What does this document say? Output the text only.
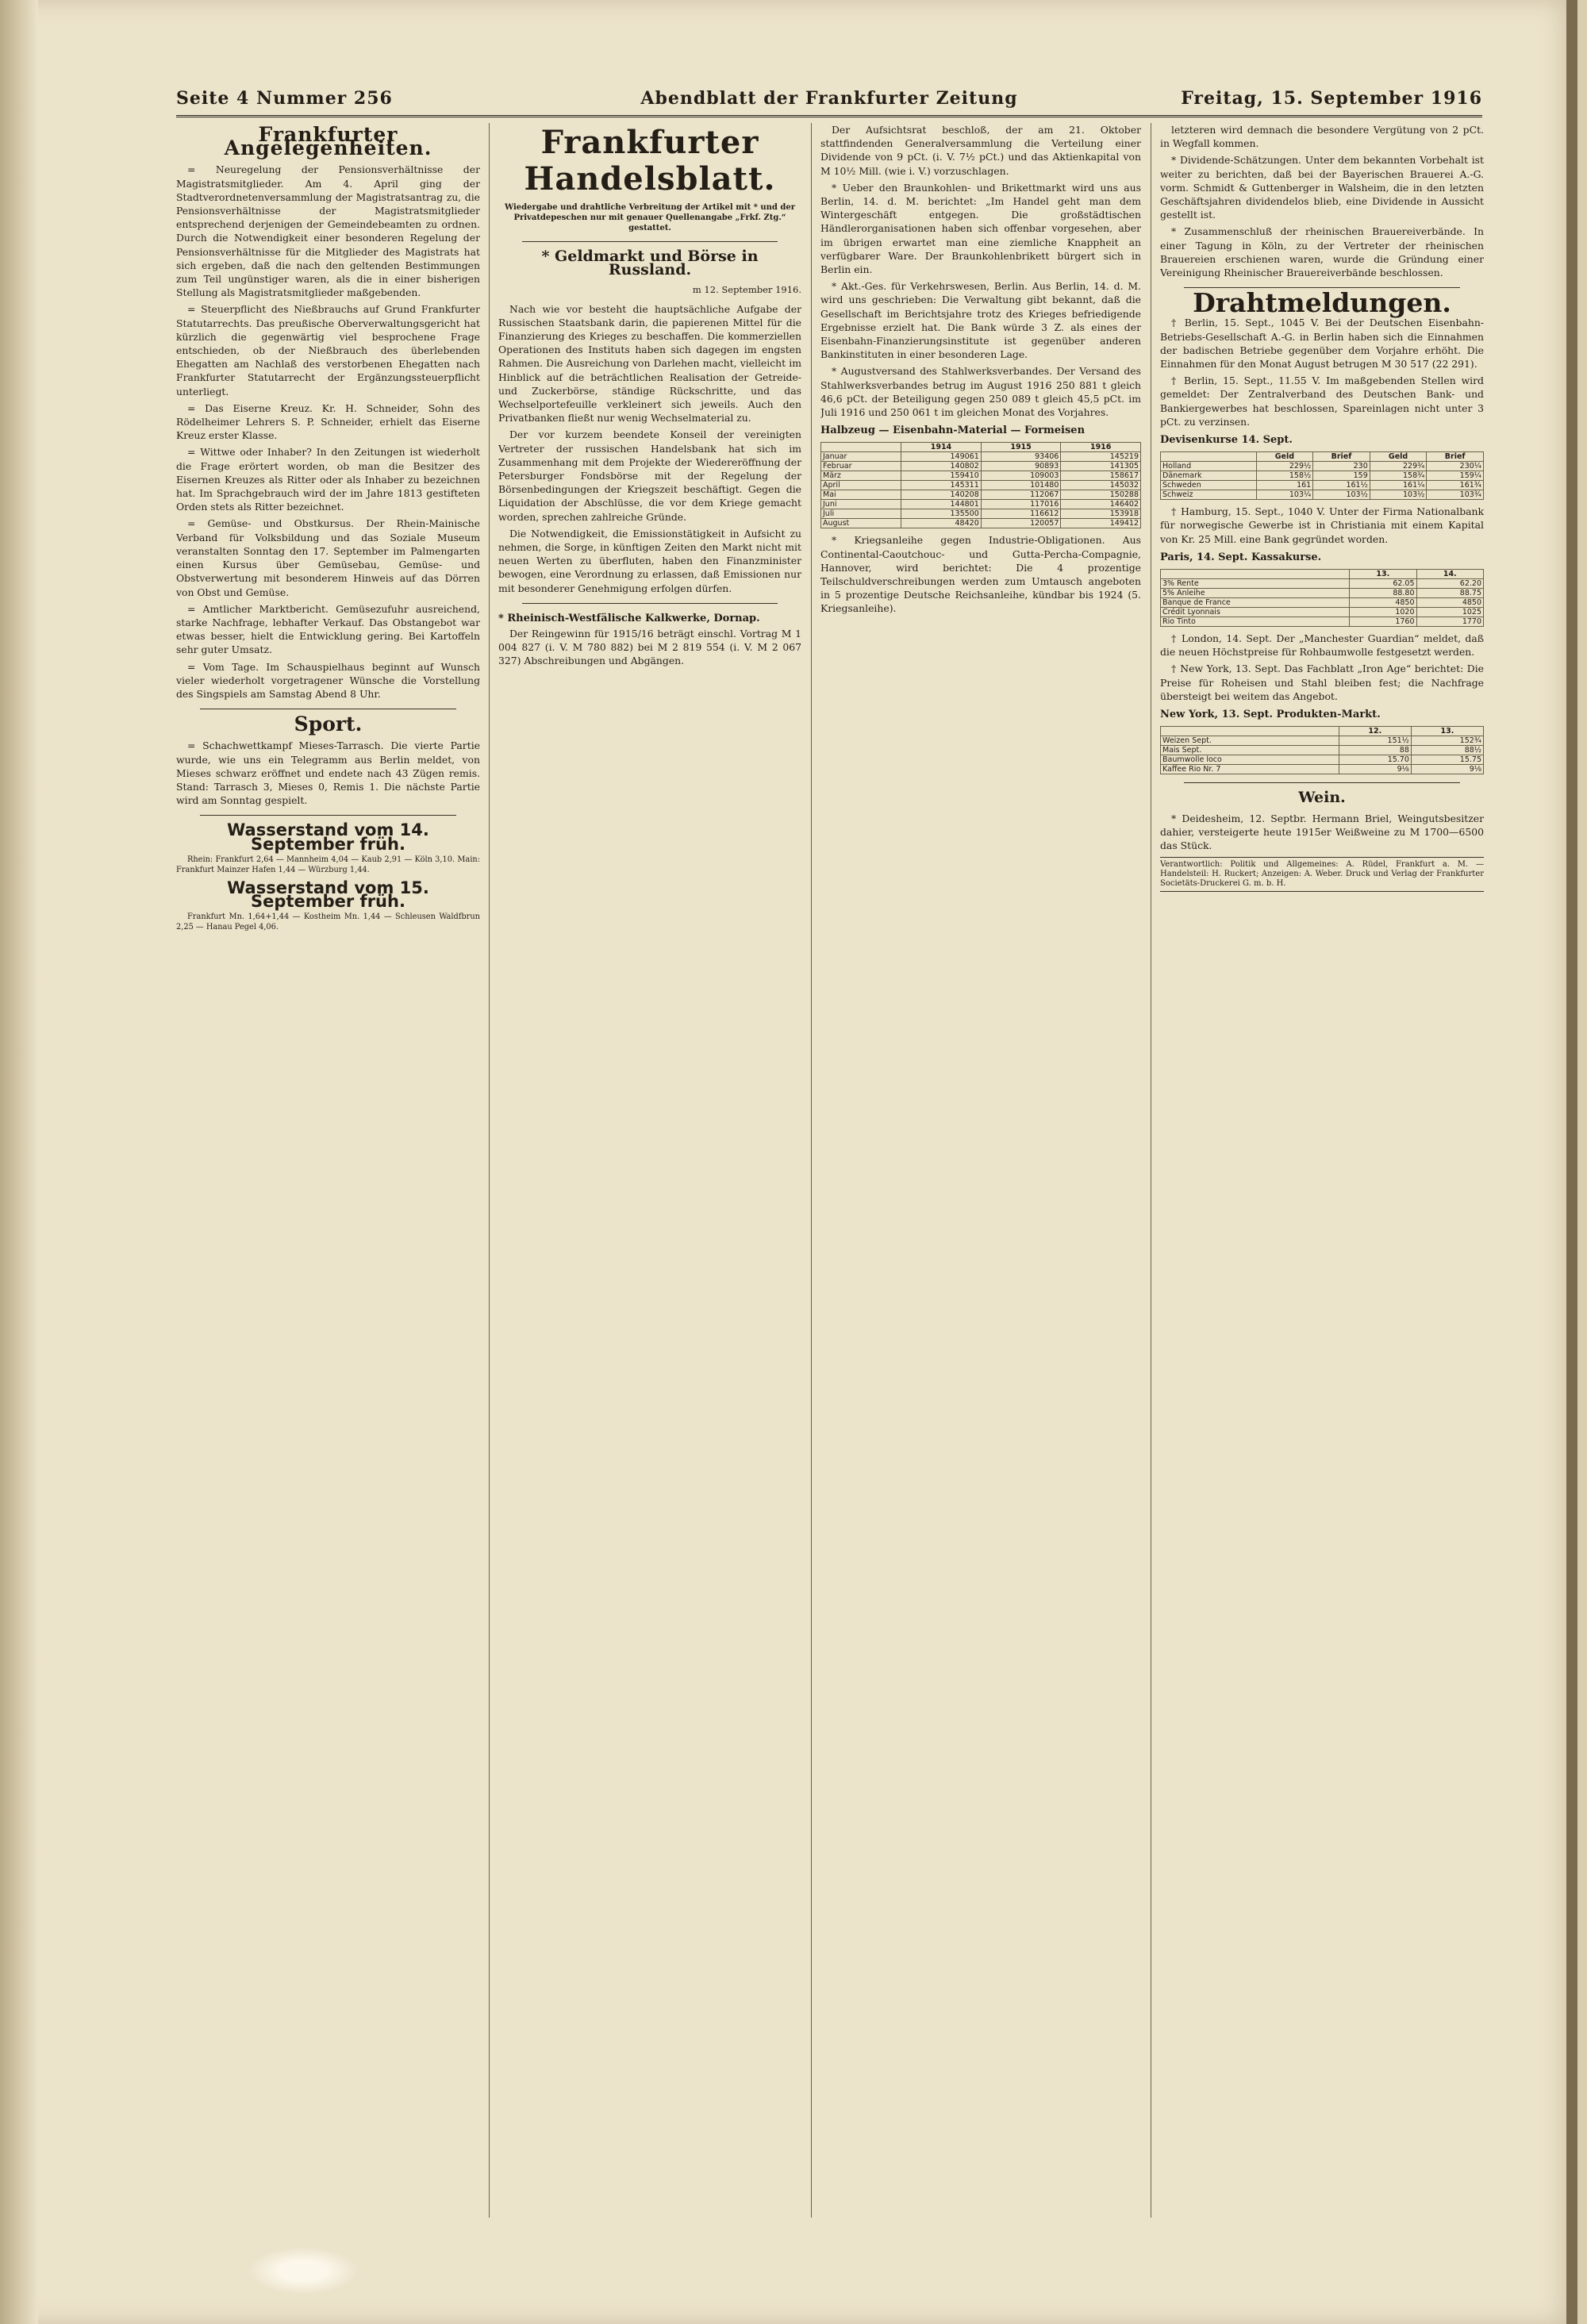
Seite 4 Nummer 256	Abendblatt der Frankfurter Zeitung	Freitag, 15. September 1916
Frankfurter Angelegenheiten.

= Neuregelung der Pensionsverhältnisse der Magistratsmitglieder. Am 4. April ging der Stadtverordnetenversammlung der Magistratsantrag zu, die Pensionsverhältnisse der Magistratsmitglieder entsprechend derjenigen der Gemeindebeamten zu ordnen. Durch die Notwendigkeit einer besonderen Regelung der Pensionsverhältnisse für die Mitglieder des Magistrats hat sich ergeben, daß die nach den geltenden Bestimmungen zum Teil ungünstiger waren, als die in einer bisherigen Stellung als Magistratsmitglieder maßgebenden.

= Steuerpflicht des Nießbrauchs auf Grund Frankfurter Statutarrechts. Das preußische Oberverwaltungsgericht hat kürzlich die gegenwärtig viel besprochene Frage entschieden, ob der Nießbrauch des überlebenden Ehegatten am Nachlaß des verstorbenen Ehegatten nach Frankfurter Statutarrecht der Ergänzungssteuerpflicht unterliegt.

= Das Eiserne Kreuz. Kr. H. Schneider, Sohn des Rödelheimer Lehrers S. P. Schneider, erhielt das Eiserne Kreuz erster Klasse.

= Wittwe oder Inhaber? In den Zeitungen ist wiederholt die Frage erörtert worden, ob man die Besitzer des Eisernen Kreuzes als Ritter oder als Inhaber zu bezeichnen hat. Im Sprachgebrauch wird der im Jahre 1813 gestifteten Orden stets als Ritter bezeichnet.

= Gemüse- und Obstkursus. Der Rhein-Mainische Verband für Volksbildung und das Soziale Museum veranstalten Sonntag den 17. September im Palmengarten einen Kursus über Gemüsebau, Gemüse- und Obstverwertung mit besonderem Hinweis auf das Dörren von Obst und Gemüse.

= Amtlicher Marktbericht. Gemüsezufuhr ausreichend, starke Nachfrage, lebhafter Verkauf. Das Obstangebot war etwas besser, hielt die Entwicklung gering. Bei Kartoffeln sehr guter Umsatz.

= Vom Tage. Im Schauspielhaus beginnt auf Wunsch vieler wiederholt vorgetragener Wünsche die Vorstellung des Singspiels am Samstag Abend 8 Uhr.

Sport.

= Schachwettkampf Mieses-Tarrasch. Die vierte Partie wurde, wie uns ein Telegramm aus Berlin meldet, von Mieses schwarz eröffnet und endete nach 43 Zügen remis. Stand: Tarrasch 3, Mieses 0, Remis 1. Die nächste Partie wird am Sonntag gespielt.

Wasserstand vom 14. September früh.

Rhein: Frankfurt 2,64 — Mannheim 4,04 — Kaub 2,91 — Köln 3,10. Main: Frankfurt Mainzer Hafen 1,44 — Würzburg 1,44.

Wasserstand vom 15. September früh.

Frankfurt Mn. 1,64+1,44 — Kostheim Mn. 1,44 — Schleusen Waldfbrun 2,25 — Hanau Pegel 4,06.

Frankfurter Handelsblatt.
Wiedergabe und drahtliche Verbreitung der Artikel mit * und der Privatdepeschen nur mit genauer Quellenangabe „Frkf. Ztg.“ gestattet.
* Geldmarkt und Börse in Russland.
m 12. September 1916.

Nach wie vor besteht die hauptsächliche Aufgabe der Russischen Staatsbank darin, die papierenen Mittel für die Finanzierung des Krieges zu beschaffen. Die kommerziellen Operationen des Instituts haben sich dagegen im engsten Rahmen. Die Ausreichung von Darlehen macht, vielleicht im Hinblick auf die beträchtlichen Realisation der Getreide- und Zuckerbörse, ständige Rückschritte, und das Wechselportefeuille verkleinert sich jeweils. Auch den Privatbanken fließt nur wenig Wechselmaterial zu.

Der vor kurzem beendete Konseil der vereinigten Vertreter der russischen Handelsbank hat sich im Zusammenhang mit dem Projekte der Wiedereröffnung der Petersburger Fondsbörse mit der Regelung der Börsenbedingungen der Kriegszeit beschäftigt. Gegen die Liquidation der Abschlüsse, die vor dem Kriege gemacht worden, sprechen zahlreiche Gründe.

Die Notwendigkeit, die Emissionstätigkeit in Aufsicht zu nehmen, die Sorge, in künftigen Zeiten den Markt nicht mit neuen Werten zu überfluten, haben den Finanzminister bewogen, eine Verordnung zu erlassen, daß Emissionen nur mit besonderer Genehmigung erfolgen dürfen.

* Rheinisch-Westfälische Kalkwerke, Dornap.

Der Reingewinn für 1915/16 beträgt einschl. Vortrag M 1 004 827 (i. V. M 780 882) bei M 2 819 554 (i. V. M 2 067 327) Abschreibungen und Abgängen.

Der Aufsichtsrat beschloß, der am 21. Oktober stattfindenden Generalversammlung die Verteilung einer Dividende von 9 pCt. (i. V. 7½ pCt.) und das Aktienkapital von M 10½ Mill. (wie i. V.) vorzuschlagen.

* Ueber den Braunkohlen- und Brikettmarkt wird uns aus Berlin, 14. d. M. berichtet: „Im Handel geht man dem Wintergeschäft entgegen. Die großstädtischen Händlerorganisationen haben sich offenbar vorgesehen, aber im übrigen erwartet man eine ziemliche Knappheit an verfügbarer Ware. Der Braunkohlenbrikett bürgert sich in Berlin ein.

* Akt.-Ges. für Verkehrswesen, Berlin. Aus Berlin, 14. d. M. wird uns geschrieben: Die Verwaltung gibt bekannt, daß die Gesellschaft im Berichtsjahre trotz des Krieges befriedigende Ergebnisse erzielt hat. Die Bank würde 3 Z. als eines der Eisenbahn-Finanzierungsinstitute ist gegenüber anderen Bankinstituten in einer besonderen Lage.

* Augustversand des Stahlwerksverbandes. Der Versand des Stahlwerksverbandes betrug im August 1916 250 881 t gleich 46,6 pCt. der Beteiligung gegen 250 089 t gleich 45,5 pCt. im Juli 1916 und 250 061 t im gleichen Monat des Vorjahres.

Halbzeug — Eisenbahn-Material — Formeisen
	1914	1915	1916
Januar	149061	93406	145219
Februar	140802	90893	141305
März	159410	109003	158617
April	145311	101480	145032
Mai	140208	112067	150288
Juni	144801	117016	146402
Juli	135500	116612	153918
August	48420	120057	149412

* Kriegsanleihe gegen Industrie-Obligationen. Aus Continental-Caoutchouc- und Gutta-Percha-Compagnie, Hannover, wird berichtet: Die 4 prozentige Teilschuldverschreibungen werden zum Umtausch angeboten in 5 prozentige Deutsche Reichsanleihe, kündbar bis 1924 (5. Kriegsanleihe).

letzteren wird demnach die besondere Vergütung von 2 pCt. in Wegfall kommen.

* Dividende-Schätzungen. Unter dem bekannten Vorbehalt ist weiter zu berichten, daß bei der Bayerischen Brauerei A.-G. vorm. Schmidt & Guttenberger in Walsheim, die in den letzten Geschäftsjahren dividendelos blieb, eine Dividende in Aussicht gestellt ist.

* Zusammenschluß der rheinischen Brauereiverbände. In einer Tagung in Köln, zu der Vertreter der rheinischen Brauereien erschienen waren, wurde die Gründung einer Vereinigung Rheinischer Brauereiverbände beschlossen.

Drahtmeldungen.

† Berlin, 15. Sept., 1045 V. Bei der Deutschen Eisenbahn-Betriebs-Gesellschaft A.-G. in Berlin haben sich die Einnahmen der badischen Betriebe gegenüber dem Vorjahre erhöht. Die Einnahmen für den Monat August betrugen M 30 517 (22 291).

† Berlin, 15. Sept., 11.55 V. Im maßgebenden Stellen wird gemeldet: Der Zentralverband des Deutschen Bank- und Bankiergewerbes hat beschlossen, Spareinlagen nicht unter 3 pCt. zu verzinsen.

Devisenkurse 14. Sept.
	Geld	Brief	Geld	Brief
Holland	229½	230	229¾	230¼
Dänemark	158½	159	158¾	159¼
Schweden	161	161½	161¼	161¾
Schweiz	103¼	103½	103½	103¾

† Hamburg, 15. Sept., 1040 V. Unter der Firma Nationalbank für norwegische Gewerbe ist in Christiania mit einem Kapital von Kr. 25 Mill. eine Bank gegründet worden.

Paris, 14. Sept. Kassakurse.
	13.	14.
3% Rente	62.05	62.20
5% Anleihe	88.80	88.75
Banque de France	4850	4850
Crédit Lyonnais	1020	1025
Rio Tinto	1760	1770

† London, 14. Sept. Der „Manchester Guardian“ meldet, daß die neuen Höchstpreise für Rohbaumwolle festgesetzt werden.

† New York, 13. Sept. Das Fachblatt „Iron Age“ berichtet: Die Preise für Roheisen und Stahl bleiben fest; die Nachfrage übersteigt bei weitem das Angebot.

New York, 13. Sept. Produkten-Markt.
	12.	13.
Weizen Sept.	151½	152¾
Mais Sept.	88	88½
Baumwolle loco	15.70	15.75
Kaffee Rio Nr. 7	9⅛	9⅛
Wein.

* Deidesheim, 12. Septbr. Hermann Briel, Weingutsbesitzer dahier, versteigerte heute 1915er Weißweine zu M 1700—6500 das Stück.

Verantwortlich: Politik und Allgemeines: A. Rüdel, Frankfurt a. M. — Handelsteil: H. Ruckert; Anzeigen: A. Weber. Druck und Verlag der Frankfurter Societäts-Druckerei G. m. b. H.
